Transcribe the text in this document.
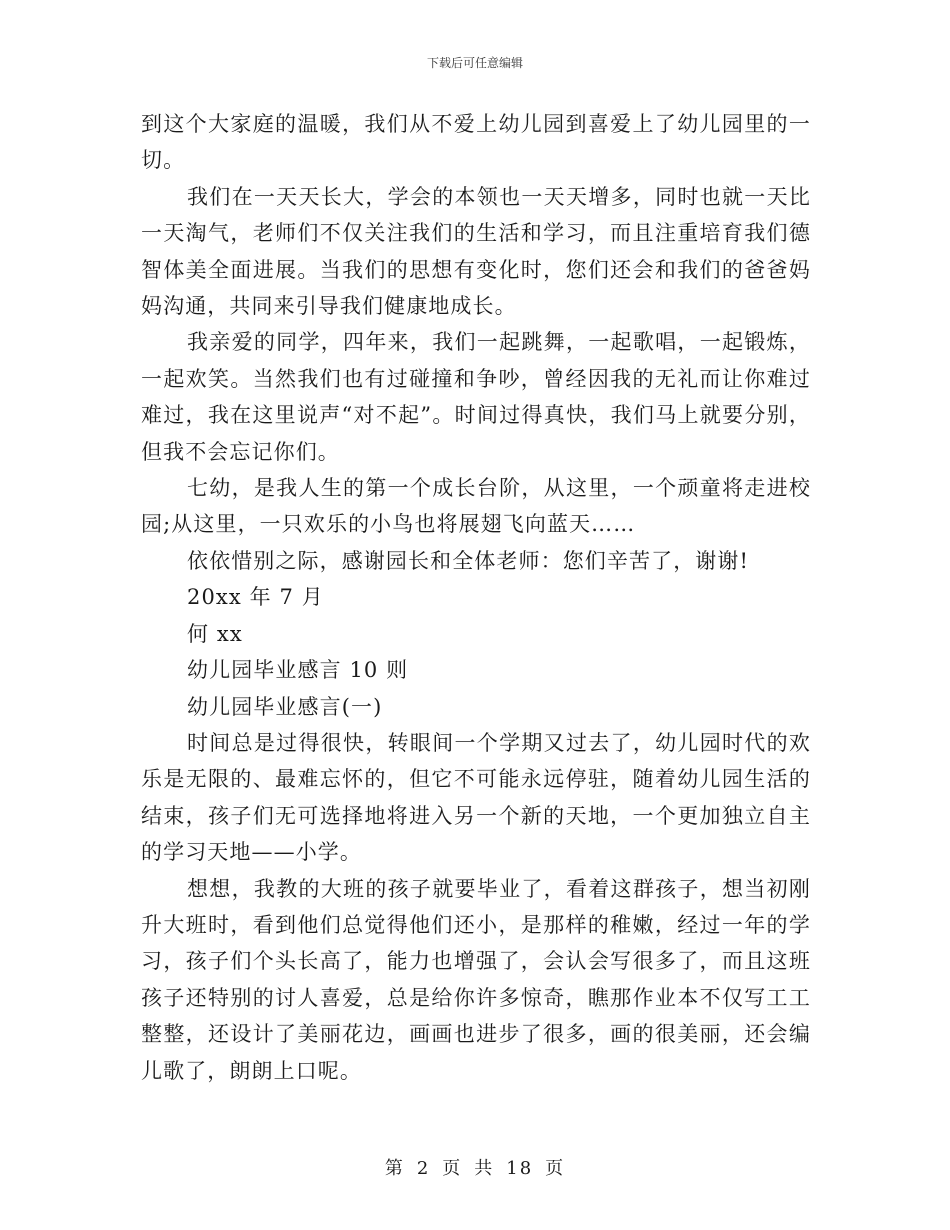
下载后可任意编辑

到这个大家庭的温暖，我们从不爱上幼儿园到喜爱上了幼儿园里的一切。

我们在一天天长大，学会的本领也一天天增多，同时也就一天比一天淘气，老师们不仅关注我们的生活和学习，而且注重培育我们德智体美全面进展。当我们的思想有变化时，您们还会和我们的爸爸妈妈沟通，共同来引导我们健康地成长。

我亲爱的同学，四年来，我们一起跳舞，一起歌唱，一起锻炼，一起欢笑。当然我们也有过碰撞和争吵，曾经因我的无礼而让你难过难过，我在这里说声“对不起”。时间过得真快，我们马上就要分别，但我不会忘记你们。

七幼，是我人生的第一个成长台阶，从这里，一个顽童将走进校园;从这里，一只欢乐的小鸟也将展翅飞向蓝天……

依依惜别之际，感谢园长和全体老师：您们辛苦了，谢谢!

20xx 年 7 月

何 xx

幼儿园毕业感言 10 则

幼儿园毕业感言(一)

时间总是过得很快，转眼间一个学期又过去了，幼儿园时代的欢乐是无限的、最难忘怀的，但它不可能永远停驻，随着幼儿园生活的结束，孩子们无可选择地将进入另一个新的天地，一个更加独立自主的学习天地——小学。

想想，我教的大班的孩子就要毕业了，看着这群孩子，想当初刚升大班时，看到他们总觉得他们还小，是那样的稚嫩，经过一年的学习，孩子们个头长高了，能力也增强了，会认会写很多了，而且这班孩子还特别的讨人喜爱，总是给你许多惊奇，瞧那作业本不仅写工工整整，还设计了美丽花边，画画也进步了很多，画的很美丽，还会编儿歌了，朗朗上口呢。

第 2 页 共 18 页
